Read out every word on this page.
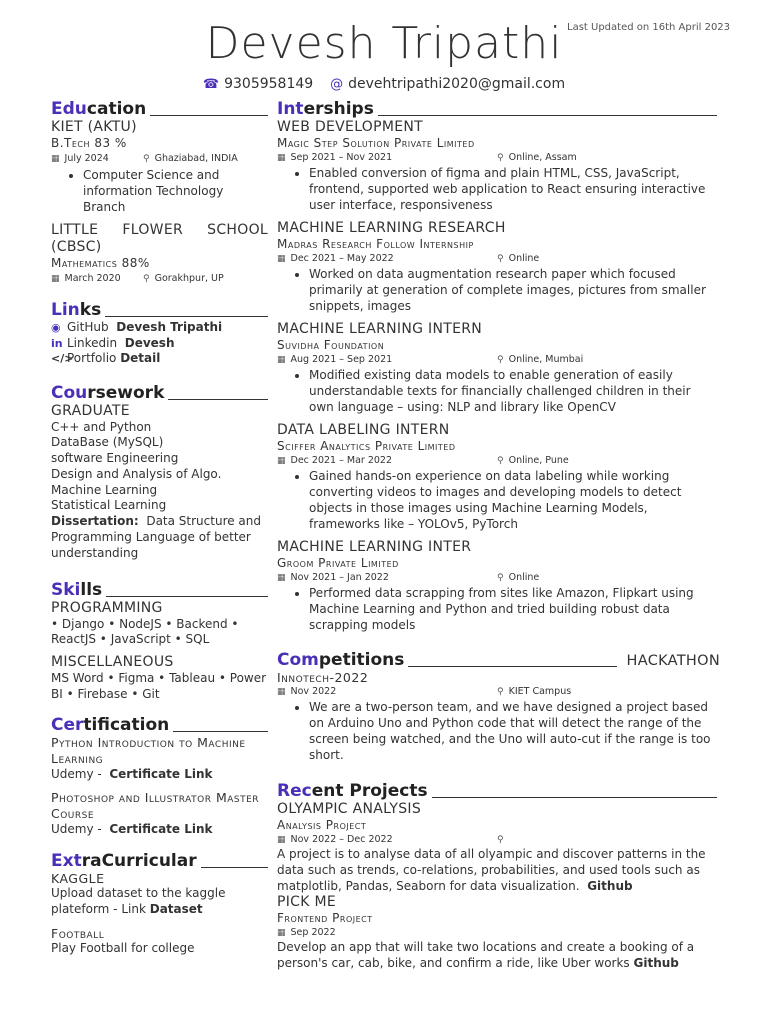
Last Updated on 16th April 2023
Devesh Tripathi
☎ 9305958149 @ devehtripathi2020@gmail.com
Education
KIET (AKTU)
B.Tech 83 %
▦ July 2024	⚲ Ghaziabad, INDIA
• Computer Science and information Technology Branch
LITTLE FLOWER SCHOOL (CBSC)
Mathematics 88%
▦ March 2020	⚲ Gorakhpur, UP
Links
◉ GitHub Devesh Tripathi
in Linkedin Devesh
</>Portfolio Detail
Coursework
GRADUATE
C++ and Python
DataBase (MySQL)
software Engineering
Design and Analysis of Algo.
Machine Learning
Statistical Learning
Dissertation: Data Structure and Programming Language of better understanding
Skills
PROGRAMMING
• Django • NodeJS • Backend • ReactJS • JavaScript • SQL
MISCELLANEOUS
MS Word • Figma • Tableau • Power BI • Firebase • Git
Certification
Python Introduction to Machine Learning
Udemy - Certificate Link
Photoshop and Illustrator Master Course
Udemy - Certificate Link
ExtraCurricular
KAGGLE
Upload dataset to the kaggle plateform - Link Dataset
Football
Play Football for college
Interships
WEB DEVELOPMENT
Magic Step Solution Private Limited
▦ Sep 2021 – Nov 2021	⚲ Online, Assam
• Enabled conversion of figma and plain HTML, CSS, JavaScript, frontend, supported web application to React ensuring interactive user interface, responsiveness
MACHINE LEARNING RESEARCH
Madras Research Follow Internship
▦ Dec 2021 – May 2022	⚲ Online
• Worked on data augmentation research paper which focused primarily at generation of complete images, pictures from smaller snippets, images
MACHINE LEARNING INTERN
Suvidha Foundation
▦ Aug 2021 – Sep 2021	⚲ Online, Mumbai
• Modified existing data models to enable generation of easily understandable texts for financially challenged children in their own language – using: NLP and library like OpenCV
DATA LABELING INTERN
Sciffer Analytics Private Limited
▦ Dec 2021 – Mar 2022	⚲ Online, Pune
• Gained hands-on experience on data labeling while working converting videos to images and developing models to detect objects in those images using Machine Learning Models, frameworks like – YOLOv5, PyTorch
MACHINE LEARNING INTER
Groom Private Limited
▦ Nov 2021 – Jan 2022	⚲ Online
• Performed data scrapping from sites like Amazon, Flipkart using Machine Learning and Python and tried building robust data scrapping models
Competitions	HACKATHON
Innotech-2022
▦ Nov 2022	⚲ KIET Campus
• We are a two-person team, and we have designed a project based on Arduino Uno and Python code that will detect the range of the screen being watched, and the Uno will auto-cut if the range is too short.
Recent Projects
OLYAMPIC ANALYSIS
Analysis Project
▦ Nov 2022 – Dec 2022	⚲
A project is to analyse data of all olyampic and discover patterns in the data such as trends, co-relations, probabilities, and used tools such as matplotlib, Pandas, Seaborn for data visualization. Github
PICK ME
Frontend Project
▦ Sep 2022
Develop an app that will take two locations and create a booking of a person's car, cab, bike, and confirm a ride, like Uber works Github
